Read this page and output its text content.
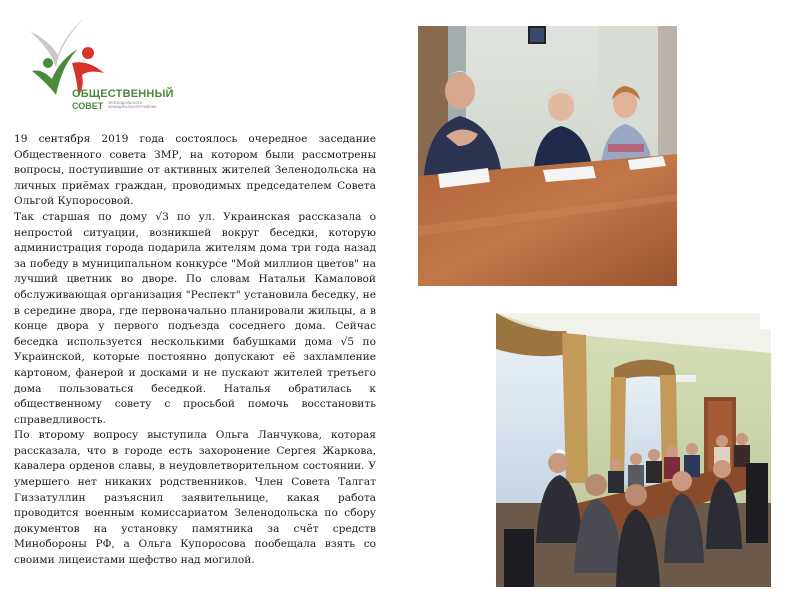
ОБЩЕСТВЕННЫЙ
СОВЕТ ЗЕЛЕНОДОЛЬСКОГО МУНИЦИПАЛЬНОГО РАЙОНА

19 сентября 2019 года состоялось очередное заседание Общественного совета ЗМР, на котором были рассмотрены вопросы, поступившие от активных жителей Зеленодольска на личных приёмах граждан, проводимых председателем Совета Ольгой Купоросовой.

Так старшая по дому √3 по ул. Украинская рассказала о непростой ситуации, возникшей вокруг беседки, которую администрация города подарила жителям дома три года назад за победу в муниципальном конкурсе "Мой миллион цветов" на лучший цветник во дворе. По словам Натальи Камаловой обслуживающая организация "Респект" установила беседку, не в середине двора, где первоначально планировали жильцы, а в конце двора у первого подъезда соседнего дома. Сейчас беседка используется несколькими бабушками дома √5 по Украинской, которые постоянно допускают её захламление картоном, фанерой и досками и не пускают жителей третьего дома пользоваться беседкой. Наталья обратилась к общественному совету с просьбой помочь восстановить справедливость.

По второму вопросу выступила Ольга Ланчукова, которая рассказала, что в городе есть захоронение Сергея Жаркова, кавалера орденов славы, в неудовлетворительном состоянии. У умершего нет никаких родственников. Член Совета Талгат Гиззатуллин разъяснил заявительнице, какая работа проводится военным комиссариатом Зеленодольска по сбору документов на установку памятника за счёт средств Минобороны РФ, а Ольга Купоросова пообещала взять со своими лицеистами шефство над могилой.
